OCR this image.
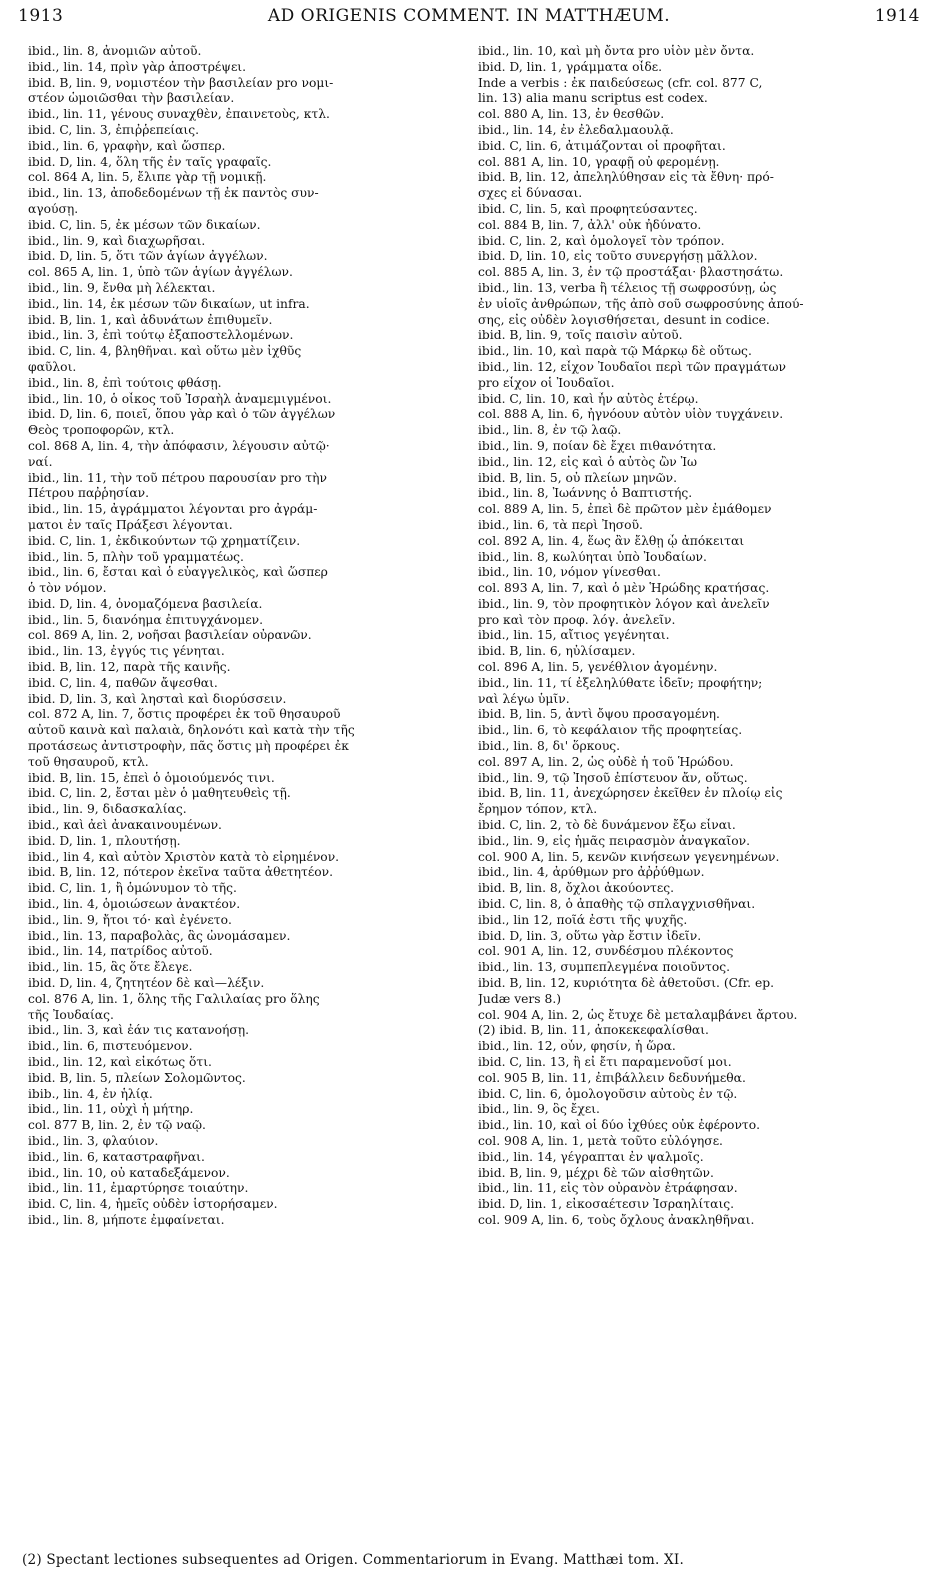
1913	AD ORIGENIS COMMENT. IN MATTHÆUM.	1914
ibid., lin. 8, ἀνομιῶν αὐτοῦ.
ibid., lin. 14, πρὶν γὰρ ἀποστρέψει.
ibid. B, lin. 9, νομιστέον τὴν βασιλείαν pro νομι-
στέον ὡμοιῶσθαι τὴν βασιλείαν.
ibid., lin. 11, γένους συναχθὲν, ἐπαινετοὺς, κτλ.
ibid. C, lin. 3, ἐπιῤῥεπείαις.
ibid., lin. 6, γραφὴν, καὶ ὥσπερ.
ibid. D, lin. 4, ὅλη τῆς ἐν ταῖς γραφαῖς.
col. 864 A, lin. 5, ἔλιπε γὰρ τῇ νομικῇ.
ibid., lin. 13, ἀποδεδομένων τῇ ἐκ παντὸς συν-
αγούσῃ.
ibid. C, lin. 5, ἐκ μέσων τῶν δικαίων.
ibid., lin. 9, καὶ διαχωρῆσαι.
ibid. D, lin. 5, ὅτι τῶν ἁγίων ἀγγέλων.
col. 865 A, lin. 1, ὑπὸ τῶν ἁγίων ἀγγέλων.
ibid., lin. 9, ἔνθα μὴ λέλεκται.
ibid., lin. 14, ἐκ μέσων τῶν δικαίων, ut infra.
ibid. B, lin. 1, καὶ ἀδυνάτων ἐπιθυμεῖν.
ibid., lin. 3, ἐπὶ τούτῳ ἐξαποστελλομένων.
ibid. C, lin. 4, βληθῆναι. καὶ οὕτω μὲν ἰχθῦς
φαῦλοι.
ibid., lin. 8, ἐπὶ τούτοις φθάσῃ.
ibid., lin. 10, ὁ οἶκος τοῦ Ἰσραὴλ ἀναμεμιγμένοι.
ibid. D, lin. 6, ποιεῖ, ὅπου γὰρ καὶ ὁ τῶν ἀγγέλων
Θεὸς τροποφορῶν, κτλ.
col. 868 A, lin. 4, τὴν ἀπόφασιν, λέγουσιν αὐτῷ·
ναί.
ibid., lin. 11, τὴν τοῦ πέτρου παρουσίαν pro τὴν
Πέτρου παῤῥησίαν.
ibid., lin. 15, ἀγράμματοι λέγονται pro ἀγράμ-
ματοι ἐν ταῖς Πράξεσι λέγονται.
ibid. C, lin. 1, ἐκδικούντων τῷ χρηματίζειν.
ibid., lin. 5, πλὴν τοῦ γραμματέως.
ibid., lin. 6, ἔσται καὶ ὁ εὐαγγελικὸς, καὶ ὥσπερ
ὁ τὸν νόμον.
ibid. D, lin. 4, ὀνομαζόμενα βασιλεία.
ibid., lin. 5, διανόημα ἐπιτυγχάνομεν.
col. 869 A, lin. 2, νοῆσαι βασιλείαν οὐρανῶν.
ibid., lin. 13, ἐγγύς τις γένηται.
ibid. B, lin. 12, παρὰ τῆς καινῆς.
ibid. C, lin. 4, παθῶν ἄψεσθαι.
ibid. D, lin. 3, καὶ λησταὶ καὶ διορύσσειν.
col. 872 A, lin. 7, ὅστις προφέρει ἐκ τοῦ θησαυροῦ
αὐτοῦ καινὰ καὶ παλαιὰ, δηλονότι καὶ κατὰ τὴν τῆς
προτάσεως ἀντιστροφὴν, πᾶς ὅστις μὴ προφέρει ἐκ
τοῦ θησαυροῦ, κτλ.
ibid. B, lin. 15, ἐπεὶ ὁ ὁμοιούμενός τινι.
ibid. C, lin. 2, ἔσται μὲν ὁ μαθητευθεὶς τῇ.
ibid., lin. 9, διδασκαλίας.
ibid., καὶ ἀεὶ ἀνακαινουμένων.
ibid. D, lin. 1, πλουτήσῃ.
ibid., lin 4, καὶ αὐτὸν Χριστὸν κατὰ τὸ εἰρημένον.
ibid. B, lin. 12, πότερον ἐκεῖνα ταῦτα ἀθετητέον.
ibid. C, lin. 1, ἢ ὁμώνυμον τὸ τῆς.
ibid., lin. 4, ὁμοιώσεων ἀνακτέον.
ibid., lin. 9, ἤτοι τό· καὶ ἐγένετο.
ibid., lin. 13, παραβολὰς, ἃς ὠνομάσαμεν.
ibid., lin. 14, πατρίδος αὐτοῦ.
ibid., lin. 15, ἃς ὅτε ἔλεγε.
ibid. D, lin. 4, ζητητέον δὲ καὶ—λέξιν.
col. 876 A, lin. 1, ὅλης τῆς Γαλιλαίας pro ὅλης
τῆς Ἰουδαίας.
ibid., lin. 3, καὶ ἐάν τις κατανοήσῃ.
ibid., lin. 6, πιστευόμενον.
ibid., lin. 12, καὶ εἰκότως ὅτι.
ibid. B, lin. 5, πλείων Σολομῶντος.
ibib., lin. 4, ἐν ἡλίᾳ.
ibid., lin. 11, οὐχὶ ἡ μήτηρ.
col. 877 B, lin. 2, ἐν τῷ ναῷ.
ibid., lin. 3, φλαύιον.
ibid., lin. 6, καταστραφῆναι.
ibid., lin. 10, οὐ καταδεξάμενον.
ibid., lin. 11, ἐμαρτύρησε τοιαύτην.
ibid. C, lin. 4, ἡμεῖς οὐδὲν ἱστορήσαμεν.
ibid., lin. 8, μήποτε ἐμφαίνεται.
ibid., lin. 10, καὶ μὴ ὄντα pro υἱὸν μὲν ὄντα.
ibid. D, lin. 1, γράμματα οἶδε.
Inde a verbis : ἐκ παιδεύσεως (cfr. col. 877 C,
lin. 13) alia manu scriptus est codex.
col. 880 A, lin. 13, ἐν θεσθῶν.
ibid., lin. 14, ἐν ἐλεδαλμαουλᾷ.
ibid. C, lin. 6, ἀτιμάζονται οἱ προφῆται.
col. 881 A, lin. 10, γραφῇ οὐ φερομένῃ.
ibid. B, lin. 12, ἀπεληλύθησαν εἰς τὰ ἔθνη· πρό-
σχες εἰ δύνασαι.
ibid. C, lin. 5, καὶ προφητεύσαντες.
col. 884 B, lin. 7, ἀλλ' οὐκ ἠδύνατο.
ibid. C, lin. 2, καὶ ὁμολογεῖ τὸν τρόπον.
ibid. D, lin. 10, εἰς τοῦτο συνεργήσῃ μᾶλλον.
col. 885 A, lin. 3, ἐν τῷ προστάξαι· βλαστησάτω.
ibid., lin. 13, verba ἢ τέλειος τῇ σωφροσύνῃ, ὡς
ἐν υἱοῖς ἀνθρώπων, τῆς ἀπὸ σοῦ σωφροσύνης ἀπού-
σης, εἰς οὐδὲν λογισθήσεται, desunt in codice.
ibid. B, lin. 9, τοῖς παισὶν αὐτοῦ.
ibid., lin. 10, καὶ παρὰ τῷ Μάρκῳ δὲ οὕτως.
ibid., lin. 12, εἶχον Ἰουδαῖοι περὶ τῶν πραγμάτων
pro εἶχον οἱ Ἰουδαῖοι.
ibid. C, lin. 10, καὶ ἦν αὐτὸς ἑτέρῳ.
col. 888 A, lin. 6, ἠγνόουν αὐτὸν υἱὸν τυγχάνειν.
ibid., lin. 8, ἐν τῷ λαῷ.
ibid., lin. 9, ποίαν δὲ ἔχει πιθανότητα.
ibid., lin. 12, εἰς καὶ ὁ αὐτὸς ὢν Ἰω
ibid. B, lin. 5, οὐ πλείων μηνῶν.
ibid., lin. 8, Ἰωάννης ὁ Βαπτιστής.
col. 889 A, lin. 5, ἐπεὶ δὲ πρῶτον μὲν ἐμάθομεν
ibid., lin. 6, τὰ περὶ Ἰησοῦ.
col. 892 A, lin. 4, ἕως ἂν ἔλθῃ ᾧ ἀπόκειται
ibid., lin. 8, κωλύηται ὑπὸ Ἰουδαίων.
ibid., lin. 10, νόμον γίνεσθαι.
col. 893 A, lin. 7, καὶ ὁ μὲν Ἡρώδης κρατήσας.
ibid., lin. 9, τὸν προφητικὸν λόγον καὶ ἀνελεῖν
pro καὶ τὸν προφ. λόγ. ἀνελεῖν.
ibid., lin. 15, αἴτιος γεγένηται.
ibid. B, lin. 6, ηὐλίσαμεν.
col. 896 A, lin. 5, γενέθλιον ἀγομένην.
ibid., lin. 11, τί ἐξεληλύθατε ἰδεῖν; προφήτην;
ναὶ λέγω ὑμῖν.
ibid. B, lin. 5, ἀντὶ ὄψου προσαγομένη.
ibid., lin. 6, τὸ κεφάλαιον τῆς προφητείας.
ibid., lin. 8, δι' ὅρκους.
col. 897 A, lin. 2, ὡς οὐδὲ ἡ τοῦ Ἡρώδου.
ibid., lin. 9, τῷ Ἰησοῦ ἐπίστευον ἄν, οὕτως.
ibid. B, lin. 11, ἀνεχώρησεν ἐκεῖθεν ἐν πλοίῳ εἰς
ἔρημον τόπον, κτλ.
ibid. C, lin. 2, τὸ δὲ δυνάμενον ἔξω εἶναι.
ibid., lin. 9, εἰς ἡμᾶς πειρασμὸν ἀναγκαῖον.
col. 900 A, lin. 5, κενῶν κινήσεων γεγενημένων.
ibid., lin. 4, ἀρύθμων pro ἀῤῥύθμων.
ibid. B, lin. 8, ὄχλοι ἀκούοντες.
ibid. C, lin. 8, ὁ ἀπαθὴς τῷ σπλαγχνισθῆναι.
ibid., lin 12, ποῖά ἐστι τῆς ψυχῆς.
ibid. D, lin. 3, οὕτω γὰρ ἔστιν ἰδεῖν.
col. 901 A, lin. 12, συνδέσμου πλέκοντος
ibid., lin. 13, συμπεπλεγμένα ποιοῦντος.
ibid. B, lin. 12, κυριότητα δὲ ἀθετοῦσι. (Cfr. ep.
Judæ vers 8.)
col. 904 A, lin. 2, ὡς ἔτυχε δὲ μεταλαμβάνει ἄρτου.
(2) ibid. B, lin. 11, ἀποκεκεφαλίσθαι.
ibid., lin. 12, οὖν, φησίν, ἡ ὥρα.
ibid. C, lin. 13, ἢ εἰ ἔτι παραμενοῦσί μοι.
col. 905 B, lin. 11, ἐπιβάλλειν δεδυνήμεθα.
ibid. C, lin. 6, ὁμολογοῦσιν αὐτοὺς ἐν τῷ.
ibid., lin. 9, ὃς ἔχει.
ibid., lin. 10, καὶ οἱ δύο ἰχθύες οὐκ ἐφέροντο.
col. 908 A, lin. 1, μετὰ τοῦτο εὐλόγησε.
ibid., lin. 14, γέγραπται ἐν ψαλμοῖς.
ibid. B, lin. 9, μέχρι δὲ τῶν αἰσθητῶν.
ibid., lin. 11, εἰς τὸν οὐρανὸν ἐτράφησαν.
ibid. D, lin. 1, εἰκοσαέτεσιν Ἰσραηλίταις.
col. 909 A, lin. 6, τοὺς ὄχλους ἀνακληθῆναι.
(2) Spectant lectiones subsequentes ad Origen. Commentariorum in Evang. Matthæi tom. XI.
